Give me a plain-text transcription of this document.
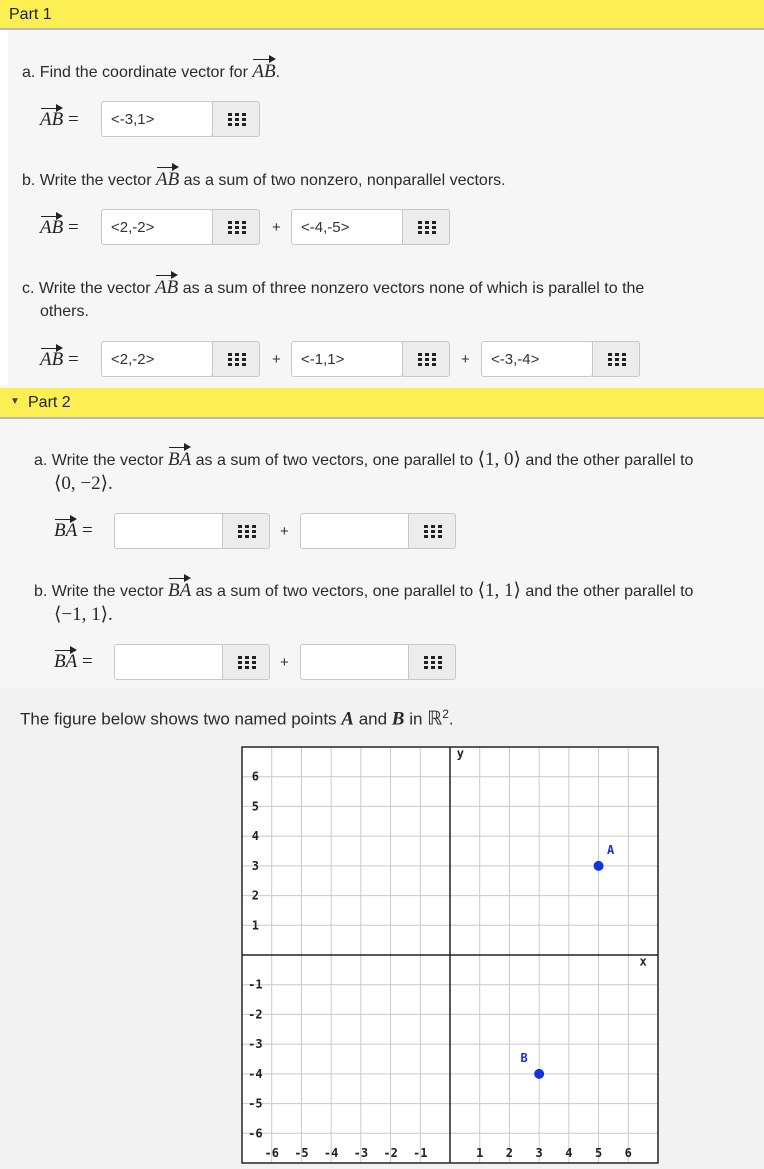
Part 1
a. Find the coordinate vector for AB.
AB = <-3,1>
b. Write the vector AB as a sum of two nonzero, nonparallel vectors.
AB = <2,-2>	+ <-4,-5>
c. Write the vector AB as a sum of three nonzero vectors none of which is parallel to the
others.
AB = <2,-2>	+ <-1,1>	+ <-3,-4>
▼ Part 2
a. Write the vector BA as a sum of two vectors, one parallel to ⟨1, 0⟩ and the other parallel to
⟨0, −2⟩.
BA =	+
b. Write the vector BA as a sum of two vectors, one parallel to ⟨1, 1⟩ and the other parallel to
⟨−1, 1⟩.
BA =	+
The figure below shows two named points A and B in ℝ$^2$.
x
y
-6 -5 -4 -3 -2 -1	1 2 3 4 5 6
6
5
4
3
2
1
-1
-2
-3
-4
-5
-6
A
B
